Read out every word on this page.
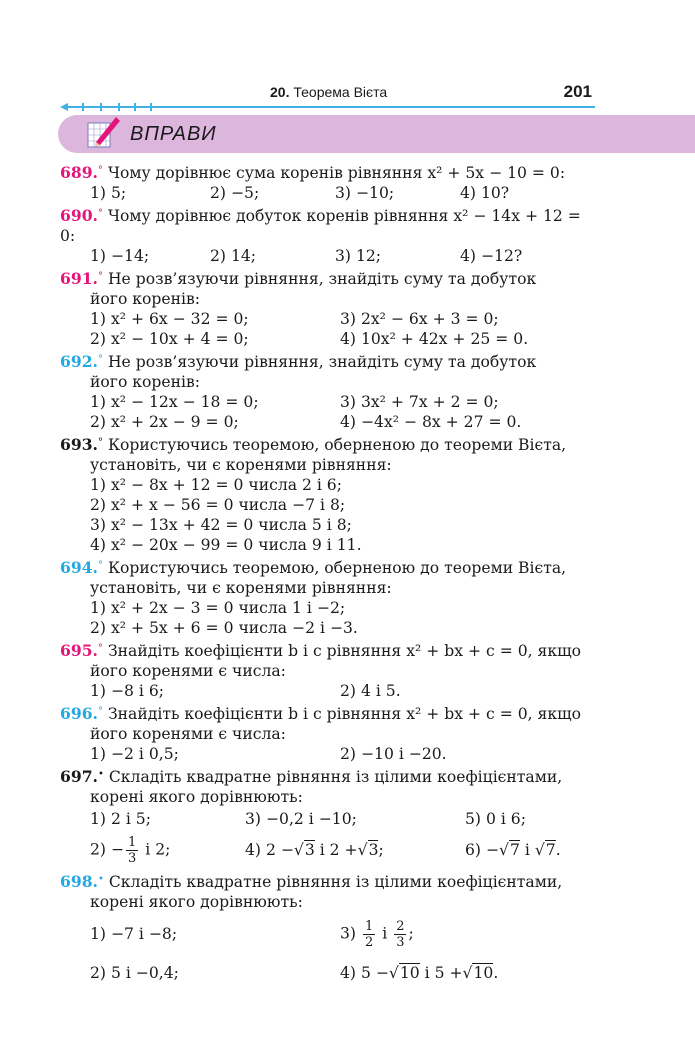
20. Теорема Вієта	201
ВПРАВИ

689.° Чому дорівнює сума коренів рівняння x² + 5x − 10 = 0:

1) 5;	2) −5;	3) −10;	4) 10?

690.° Чому дорівнює добуток коренів рівняння x² − 14x + 12 = 0:

1) −14;	2) 14;	3) 12;	4) −12?

691.° Не розв’язуючи рівняння, знайдіть суму та добуток

його коренів:

1) x² + 6x − 32 = 0;	3) 2x² − 6x + 3 = 0;
2) x² − 10x + 4 = 0;	4) 10x² + 42x + 25 = 0.

692.° Не розв’язуючи рівняння, знайдіть суму та добуток

його коренів:

1) x² − 12x − 18 = 0;	3) 3x² + 7x + 2 = 0;
2) x² + 2x − 9 = 0;	4) −4x² − 8x + 27 = 0.

693.° Користуючись теоремою, оберненою до теореми Вієта,

установіть, чи є коренями рівняння:

1) x² − 8x + 12 = 0 числа 2 і 6;

2) x² + x − 56 = 0 числа −7 і 8;

3) x² − 13x + 42 = 0 числа 5 і 8;

4) x² − 20x − 99 = 0 числа 9 і 11.

694.° Користуючись теоремою, оберненою до теореми Вієта,

установіть, чи є коренями рівняння:

1) x² + 2x − 3 = 0 числа 1 і −2;

2) x² + 5x + 6 = 0 числа −2 і −3.

695.° Знайдіть коефіцієнти b і c рівняння x² + bx + c = 0, якщо

його коренями є числа:

1) −8 і 6;	2) 4 і 5.

696.° Знайдіть коефіцієнти b і c рівняння x² + bx + c = 0, якщо

його коренями є числа:

1) −2 і 0,5;	2) −10 і −20.

697.• Складіть квадратне рівняння із цілими коефіцієнтами,

корені якого дорівнюють:

1) 2 і 5;	3) −0,2 і −10;	5) 0 і 6;
$2) - \frac{1}{3}$ і 2;	4) 2 −√3 і 2 +√3;	6) −√7 і √7.

698.• Складіть квадратне рівняння із цілими коефіцієнтами,

корені якого дорівнюють:

1) −7 і −8;	$3) \frac{1}{2}$ і $\frac{2}{3}$ ;
2) 5 і −0,4;	4) 5 −√10 і 5 +√10.
